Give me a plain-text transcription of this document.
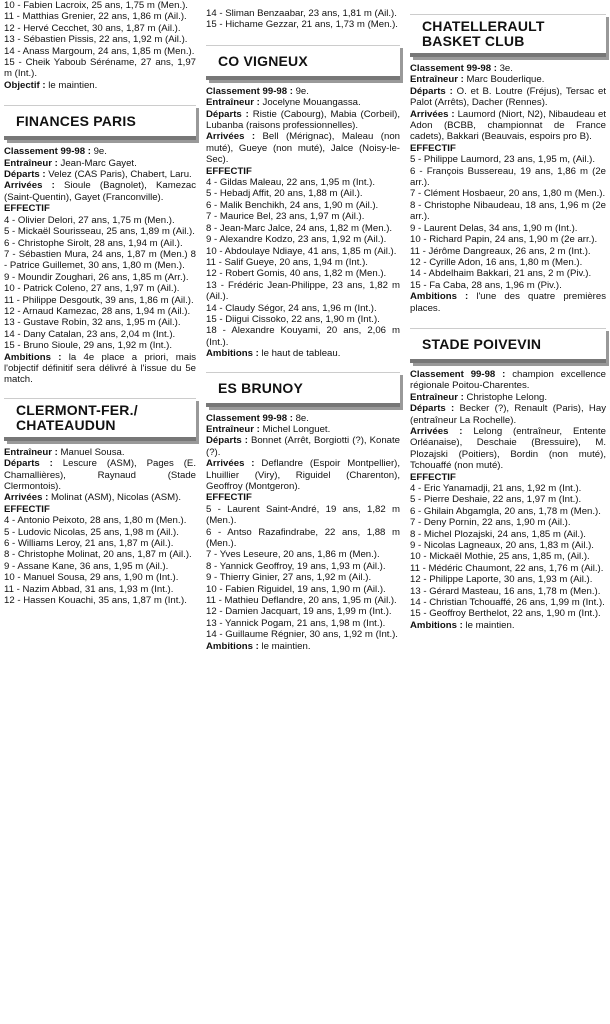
10 - Fabien Lacroix, 25 ans, 1,75 m (Men.).

11 - Matthias Grenier, 22 ans, 1,86 m (Ail.).

12 - Hervé Cecchet, 30 ans, 1,87 m (Ail.).

13 - Sébastien Pissis, 22 ans, 1,92 m (Ail.).

14 - Anass Margoum, 24 ans, 1,85 m (Men.).

15 - Cheik Yaboub Séréname, 27 ans, 1,97 m (Int.).

Objectif : le maintien.

FINANCES PARIS

Classement 99-98 : 9e.

Entraîneur : Jean-Marc Gayet.

Départs : Velez (CAS Paris), Chabert, Laru.

Arrivées : Sioule (Bagnolet), Kamezac (Saint-Quentin), Gayet (Franconville).

EFFECTIF

4 - Olivier Delori, 27 ans, 1,75 m (Men.).

5 - Mickaël Sourisseau, 25 ans, 1,89 m (Ail.).

6 - Christophe Sirolt, 28 ans, 1,94 m (Ail.).

7 - Sébastien Mura, 24 ans, 1,87 m (Men.) 8 - Patrice Guillemet, 30 ans, 1,80 m (Men.).

9 - Moundir Zoughari, 26 ans, 1,85 m (Arr.).

10 - Patrick Coleno, 27 ans, 1,97 m (Ail.).

11 - Philippe Desgoutk, 39 ans, 1,86 m (Ail.).

12 - Arnaud Kamezac, 28 ans, 1,94 m (Ail.).

13 - Gustave Robin, 32 ans, 1,95 m (Ail.).

14 - Dany Catalan, 23 ans, 2,04 m (Int.).

15 - Bruno Sioule, 29 ans, 1,92 m (Int.).

Ambitions : la 4e place a priori, mais l'objectif définitif sera délivré à l'issue du 5e match.

CLERMONT-FER./ CHATEAUDUN

Entraîneur : Manuel Sousa.

Départs : Lescure (ASM), Pages (E. Chamallières), Raynaud (Stade Clermontois).

Arrivées : Molinat (ASM), Nicolas (ASM).

EFFECTIF

4 - Antonio Peixoto, 28 ans, 1,80 m (Men.).

5 - Ludovic Nicolas, 25 ans, 1,98 m (Ail.).

6 - Williams Leroy, 21 ans, 1,87 m (Ail.).

8 - Christophe Molinat, 20 ans, 1,87 m (Ail.).

9 - Assane Kane, 36 ans, 1,95 m (Ail.).

10 - Manuel Sousa, 29 ans, 1,90 m (Int.).

11 - Nazim Abbad, 31 ans, 1,93 m (Int.).

12 - Hassen Kouachi, 35 ans, 1,87 m (Int.).

14 - Sliman Benzaabar, 23 ans, 1,81 m (Ail.).

15 - Hichame Gezzar, 21 ans, 1,73 m (Men.).

CO VIGNEUX

Classement 99-98 : 9e.

Entraîneur : Jocelyne Mouangassa.

Départs : Ristie (Cabourg), Mabia (Corbeil), Lubanba (raisons professionnelles).

Arrivées : Bell (Mérignac), Maleau (non muté), Gueye (non muté), Jalce (Noisy-le-Sec).

EFFECTIF

4 - Gildas Maleau, 22 ans, 1,95 m (Int.).

5 - Hebadj Affit, 20 ans, 1,88 m (Ail.).

6 - Malik Benchikh, 24 ans, 1,90 m (Ail.).

7 - Maurice Bel, 23 ans, 1,97 m (Ail.).

8 - Jean-Marc Jalce, 24 ans, 1,82 m (Men.).

9 - Alexandre Kodzo, 23 ans, 1,92 m (Ail.).

10 - Abdoulaye Ndiaye, 41 ans, 1,85 m (Ail.).

11 - Salif Gueye, 20 ans, 1,94 m (Int.).

12 - Robert Gomis, 40 ans, 1,82 m (Men.).

13 - Frédéric Jean-Philippe, 23 ans, 1,82 m (Ail.).

14 - Claudy Ségor, 24 ans, 1,96 m (Int.).

15 - Diigui Cissoko, 22 ans, 1,90 m (Int.).

18 - Alexandre Kouyami, 20 ans, 2,06 m (Int.).

Ambitions : le haut de tableau.

ES BRUNOY

Classement 99-98 : 8e.

Entraîneur : Michel Longuet.

Départs : Bonnet (Arrêt, Borgiotti (?), Konate (?).

Arrivées : Deflandre (Espoir Montpellier), Lhuillier (Viry), Riguidel (Charenton), Geoffroy (Montgeron).

EFFECTIF

5 - Laurent Saint-André, 19 ans, 1,82 m (Men.).

6 - Antso Razafindrabe, 22 ans, 1,88 m (Men.).

7 - Yves Leseure, 20 ans, 1,86 m (Men.).

8 - Yannick Geoffroy, 19 ans, 1,93 m (Ail.).

9 - Thierry Ginier, 27 ans, 1,92 m (Ail.).

10 - Fabien Riguidel, 19 ans, 1,90 m (Ail.).

11 - Mathieu Deflandre, 20 ans, 1,95 m (Ail.).

12 - Damien Jacquart, 19 ans, 1,99 m (Int.).

13 - Yannick Pogam, 21 ans, 1,98 m (Int.).

14 - Guillaume Régnier, 30 ans, 1,92 m (Int.).

Ambitions : le maintien.

CHATELLERAULT BASKET CLUB

Classement 99-98 : 3e.

Entraîneur : Marc Bouderlique.

Départs : O. et B. Loutre (Fréjus), Tersac et Palot (Arrêts), Dacher (Rennes).

Arrivées : Laumord (Niort, N2), Nibaudeau et Adon (BCBB, championnat de France cadets), Bakkari (Beauvais, espoirs pro B).

EFFECTIF

5 - Philippe Laumord, 23 ans, 1,95 m, (Ail.).

6 - François Bussereau, 19 ans, 1,86 m (2e arr.).

7 - Clément Hosbaeur, 20 ans, 1,80 m (Men.).

8 - Christophe Nibaudeau, 18 ans, 1,96 m (2e arr.).

9 - Laurent Delas, 34 ans, 1,90 m (Int.).

10 - Richard Papin, 24 ans, 1,90 m (2e arr.).

11 - Jérôme Dangreaux, 26 ans, 2 m (Int.).

12 - Cyrille Adon, 16 ans, 1,80 m (Men.).

14 - Abdelhaim Bakkari, 21 ans, 2 m (Piv.).

15 - Fa Caba, 28 ans, 1,96 m (Piv.).

Ambitions : l'une des quatre premières places.

STADE POIVEVIN

Classement 99-98 : champion excellence régionale Poitou-Charentes.

Entraîneur : Christophe Lelong.

Départs : Becker (?), Renault (Paris), Hay (entraîneur La Rochelle).

Arrivées : Lelong (entraîneur, Entente Orléanaise), Deschaie (Bressuire), M. Plozajski (Poitiers), Bordin (non muté), Tchouaffé (non muté).

EFFECTIF

4 - Eric Yanamadji, 21 ans, 1,92 m (Int.).

5 - Pierre Deshaie, 22 ans, 1,97 m (Int.).

6 - Ghilain Abgamgla, 20 ans, 1,78 m (Men.).

7 - Deny Pornin, 22 ans, 1,90 m (Ail.).

8 - Michel Plozajski, 24 ans, 1,85 m (Ail.).

9 - Nicolas Lagneaux, 20 ans, 1,83 m (Ail.).

10 - Mickaël Mothie, 25 ans, 1,85 m, (Ail.).

11 - Médéric Chaumont, 22 ans, 1,76 m (Ail.).

12 - Philippe Laporte, 30 ans, 1,93 m (Ail.).

13 - Gérard Masteau, 16 ans, 1,78 m (Men.).

14 - Christian Tchouaffé, 26 ans, 1,99 m (Int.).

15 - Geoffroy Berthelot, 22 ans, 1,90 m (Int.).

Ambitions : le maintien.
